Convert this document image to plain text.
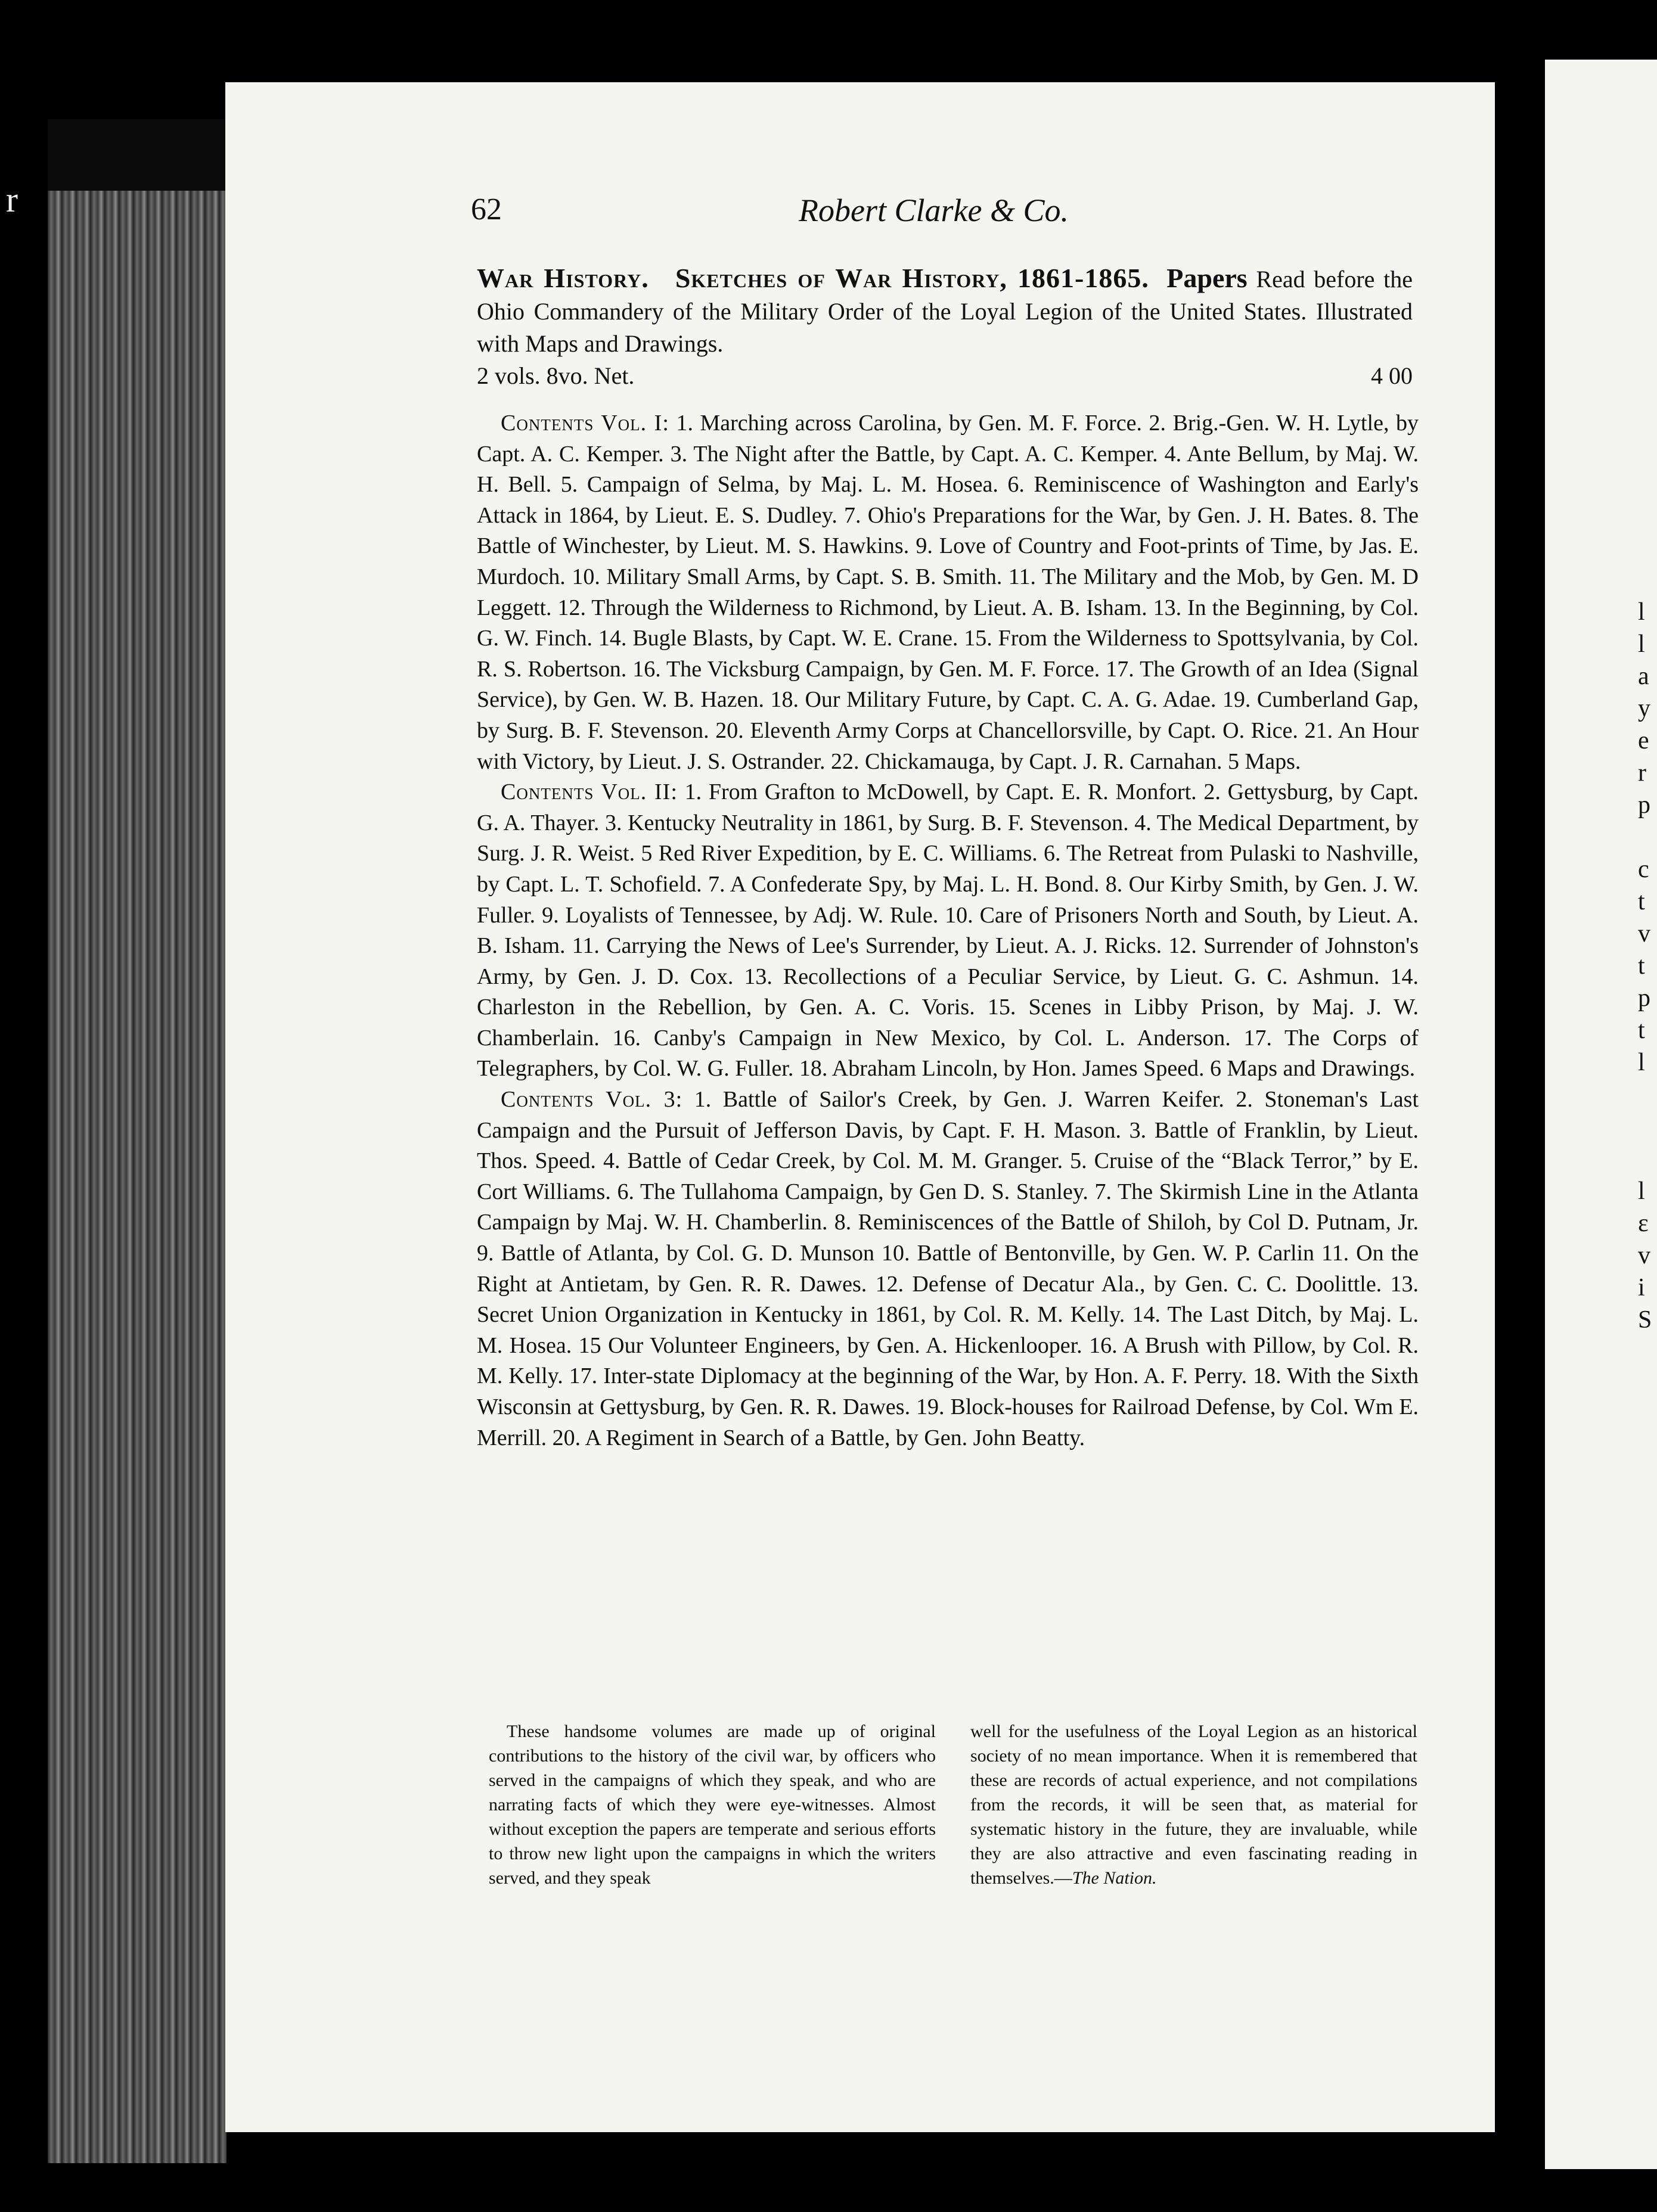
r
l
l
a
y
e
r
p
c
t
v
t
p
t
l
l
ε
v
i
S
62	Robert Clarke & Co.
War History. Sketches of War History, 1861-1865. Papers Read before the Ohio Commandery of the Military Order of the Loyal Legion of the United States. Illustrated with Maps and Drawings.
2 vols. 8vo. Net.	4 00

Contents Vol. I: 1. Marching across Carolina, by Gen. M. F. Force. 2. Brig.-Gen. W. H. Lytle, by Capt. A. C. Kemper. 3. The Night after the Battle, by Capt. A. C. Kemper. 4. Ante Bellum, by Maj. W. H. Bell. 5. Campaign of Selma, by Maj. L. M. Hosea. 6. Reminiscence of Washington and Early's Attack in 1864, by Lieut. E. S. Dudley. 7. Ohio's Preparations for the War, by Gen. J. H. Bates. 8. The Battle of Winchester, by Lieut. M. S. Hawkins. 9. Love of Country and Foot-prints of Time, by Jas. E. Murdoch. 10. Military Small Arms, by Capt. S. B. Smith. 11. The Military and the Mob, by Gen. M. D Leggett. 12. Through the Wilderness to Richmond, by Lieut. A. B. Isham. 13. In the Beginning, by Col. G. W. Finch. 14. Bugle Blasts, by Capt. W. E. Crane. 15. From the Wilderness to Spottsylvania, by Col. R. S. Robertson. 16. The Vicksburg Campaign, by Gen. M. F. Force. 17. The Growth of an Idea (Signal Service), by Gen. W. B. Hazen. 18. Our Military Future, by Capt. C. A. G. Adae. 19. Cumberland Gap, by Surg. B. F. Stevenson. 20. Eleventh Army Corps at Chancellorsville, by Capt. O. Rice. 21. An Hour with Victory, by Lieut. J. S. Ostrander. 22. Chickamauga, by Capt. J. R. Carnahan. 5 Maps.

Contents Vol. II: 1. From Grafton to McDowell, by Capt. E. R. Monfort. 2. Gettysburg, by Capt. G. A. Thayer. 3. Kentucky Neutrality in 1861, by Surg. B. F. Stevenson. 4. The Medical Department, by Surg. J. R. Weist. 5 Red River Expedition, by E. C. Williams. 6. The Retreat from Pulaski to Nashville, by Capt. L. T. Schofield. 7. A Confederate Spy, by Maj. L. H. Bond. 8. Our Kirby Smith, by Gen. J. W. Fuller. 9. Loyalists of Tennessee, by Adj. W. Rule. 10. Care of Prisoners North and South, by Lieut. A. B. Isham. 11. Carrying the News of Lee's Surrender, by Lieut. A. J. Ricks. 12. Surrender of Johnston's Army, by Gen. J. D. Cox. 13. Recollections of a Peculiar Service, by Lieut. G. C. Ashmun. 14. Charleston in the Rebellion, by Gen. A. C. Voris. 15. Scenes in Libby Prison, by Maj. J. W. Chamberlain. 16. Canby's Campaign in New Mexico, by Col. L. Anderson. 17. The Corps of Telegraphers, by Col. W. G. Fuller. 18. Abraham Lincoln, by Hon. James Speed. 6 Maps and Drawings.

Contents Vol. 3: 1. Battle of Sailor's Creek, by Gen. J. Warren Keifer. 2. Stoneman's Last Campaign and the Pursuit of Jefferson Davis, by Capt. F. H. Mason. 3. Battle of Franklin, by Lieut. Thos. Speed. 4. Battle of Cedar Creek, by Col. M. M. Granger. 5. Cruise of the “Black Terror,” by E. Cort Williams. 6. The Tullahoma Campaign, by Gen D. S. Stanley. 7. The Skirmish Line in the Atlanta Campaign by Maj. W. H. Chamberlin. 8. Reminiscences of the Battle of Shiloh, by Col D. Putnam, Jr. 9. Battle of Atlanta, by Col. G. D. Munson 10. Battle of Bentonville, by Gen. W. P. Carlin 11. On the Right at Antietam, by Gen. R. R. Dawes. 12. Defense of Decatur Ala., by Gen. C. C. Doolittle. 13. Secret Union Organization in Kentucky in 1861, by Col. R. M. Kelly. 14. The Last Ditch, by Maj. L. M. Hosea. 15 Our Volunteer Engineers, by Gen. A. Hickenlooper. 16. A Brush with Pillow, by Col. R. M. Kelly. 17. Inter-state Diplomacy at the beginning of the War, by Hon. A. F. Perry. 18. With the Sixth Wisconsin at Gettysburg, by Gen. R. R. Dawes. 19. Block-houses for Railroad Defense, by Col. Wm E. Merrill. 20. A Regiment in Search of a Battle, by Gen. John Beatty.

These handsome volumes are made up of original contributions to the history of the civil war, by officers who served in the campaigns of which they speak, and who are narrating facts of which they were eye-witnesses. Almost without exception the papers are temperate and serious efforts to throw new light upon the campaigns in which the writers served, and they speak
well for the usefulness of the Loyal Legion as an historical society of no mean importance. When it is remembered that these are records of actual experience, and not compilations from the records, it will be seen that, as material for systematic history in the future, they are invaluable, while they are also attractive and even fascinating reading in themselves.—The Nation.
